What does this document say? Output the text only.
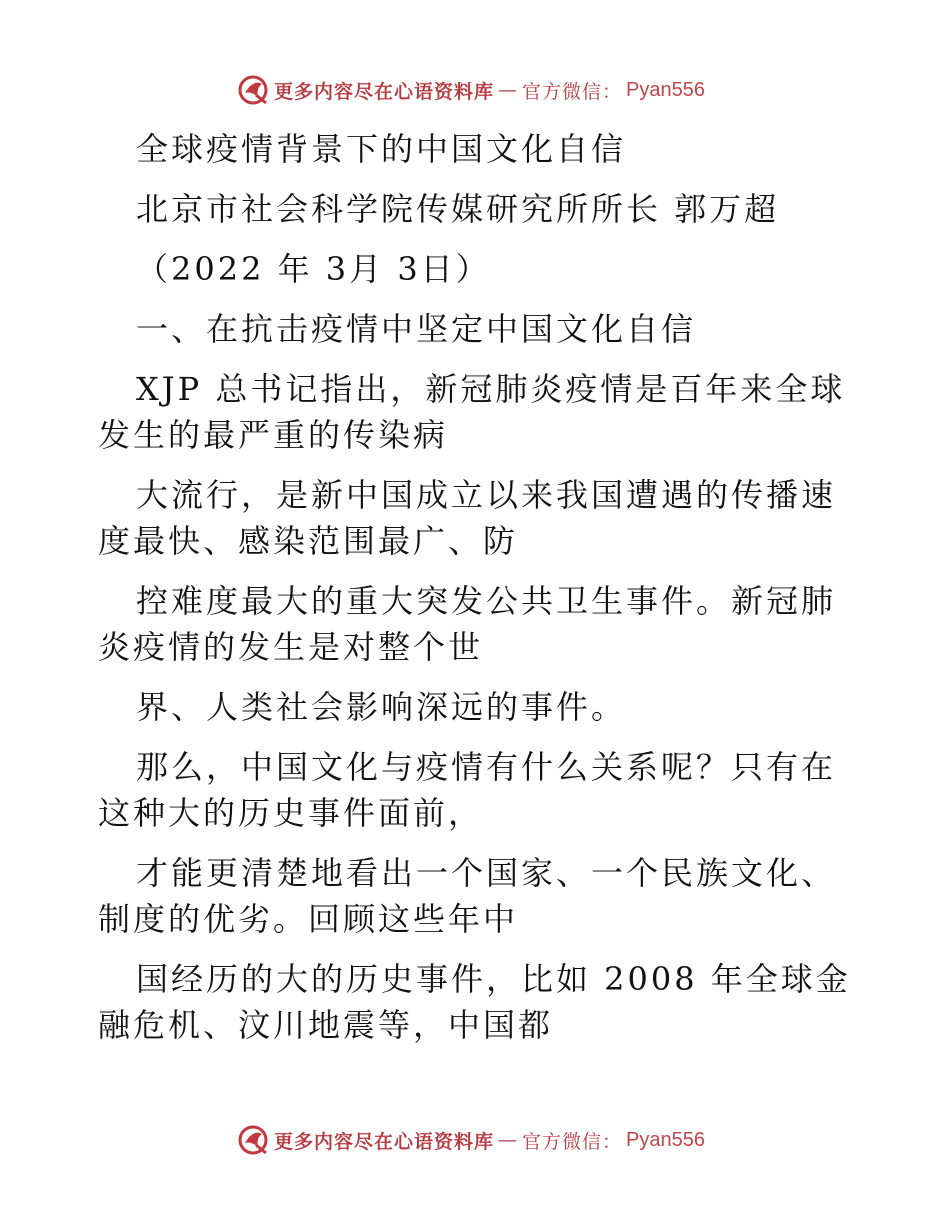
更多内容尽在心语资料库 — 官方微信： Pyan556

全球疫情背景下的中国文化自信

北京市社会科学院传媒研究所所长 郭万超

（2022 年 3月 3日）

一、在抗击疫情中坚定中国文化自信

XJP 总书记指出，新冠肺炎疫情是百年来全球发生的最严重的传染病

大流行，是新中国成立以来我国遭遇的传播速度最快、感染范围最广、防

控难度最大的重大突发公共卫生事件。新冠肺炎疫情的发生是对整个世

界、人类社会影响深远的事件。

那么，中国文化与疫情有什么关系呢？只有在这种大的历史事件面前，

才能更清楚地看出一个国家、一个民族文化、制度的优劣。回顾这些年中

国经历的大的历史事件，比如 2008 年全球金融危机、汶川地震等，中国都

更多内容尽在心语资料库 — 官方微信： Pyan556
